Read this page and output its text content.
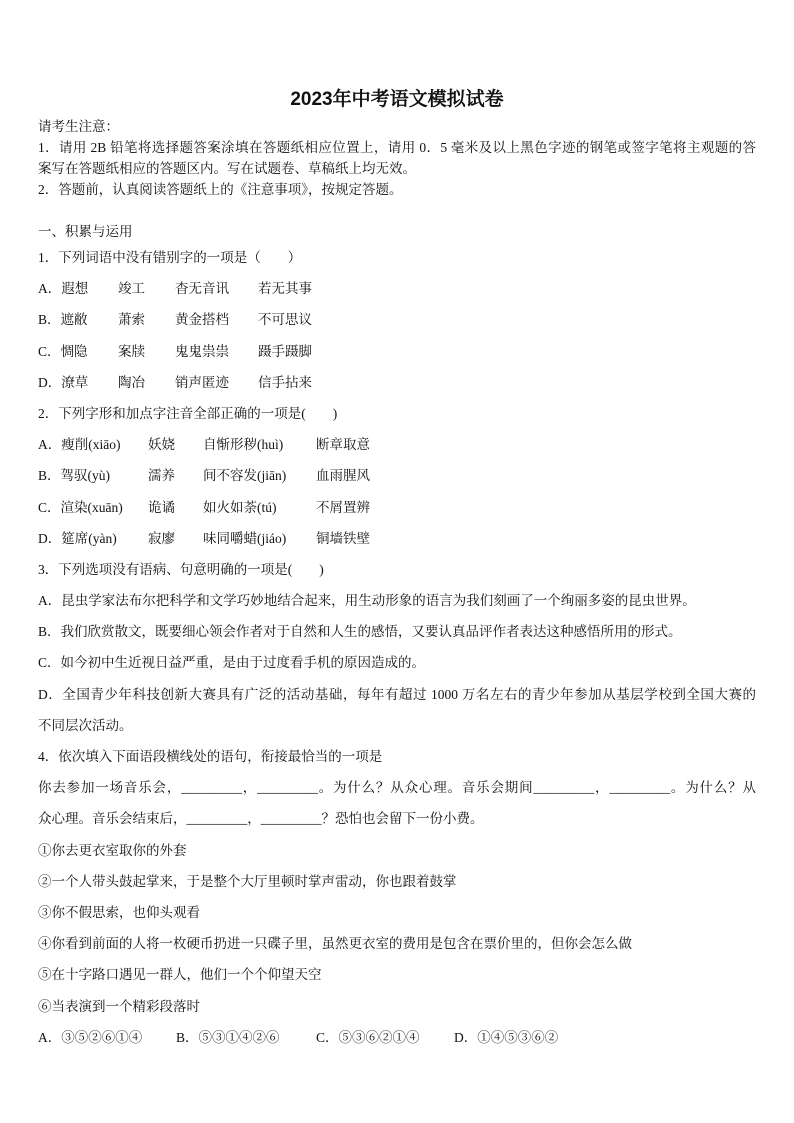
2023年中考语文模拟试卷
请考生注意：
1．请用 2B 铅笔将选择题答案涂填在答题纸相应位置上，请用 0．5 毫米及以上黑色字迹的钢笔或签字笔将主观题的答
案写在答题纸相应的答题区内。写在试题卷、草稿纸上均无效。
2．答题前，认真阅读答题纸上的《注意事项》，按规定答题。
一、积累与运用
1．下列词语中没有错别字的一项是（　　）
A．遐想	竣工	杳无音讯	若无其事
B．遮敝	萧索	黄金搭档	不可思议
C．惆隐	案牍	鬼鬼祟祟	蹑手蹑脚
D．潦草	陶冶	销声匿迹	信手拈来
2．下列字形和加点字注音全部正确的一项是(　　)
A．瘦削(xiāo)	妖娆	自惭形秽(huì)	断章取意
B．驾驭(yù)	濡养	间不容发(jiān)	血雨腥风
C．渲染(xuān)	诡谲	如火如荼(tú)	不屑置辨
D．筵席(yàn)	寂廖	味同嚼蜡(jiáo)	铜墙铁壁
3．下列选项没有语病、句意明确的一项是(　　)
A．昆虫学家法布尔把科学和文学巧妙地结合起来，用生动形象的语言为我们刻画了一个绚丽多姿的昆虫世界。
B．我们欣赏散文，既要细心领会作者对于自然和人生的感悟，又要认真品评作者表达这种感悟所用的形式。
C．如今初中生近视日益严重，是由于过度看手机的原因造成的。
D．全国青少年科技创新大赛具有广泛的活动基础，每年有超过 1000 万名左右的青少年参加从基层学校到全国大赛的
不同层次活动。
4．依次填入下面语段横线处的语句，衔接最恰当的一项是
你去参加一场音乐会，_________，_________。为什么？从众心理。音乐会期间_________，_________。为什么？从
众心理。音乐会结束后，_________，_________？恐怕也会留下一份小费。
①你去更衣室取你的外套
②一个人带头鼓起掌来，于是整个大厅里顿时掌声雷动，你也跟着鼓掌
③你不假思索，也仰头观看
④你看到前面的人将一枚硬币扔进一只碟子里，虽然更衣室的费用是包含在票价里的，但你会怎么做
⑤在十字路口遇见一群人，他们一个个仰望天空
⑥当表演到一个精彩段落时
A．③⑤②⑥①④	B．⑤③①④②⑥	C．⑤③⑥②①④	D．①④⑤③⑥②
